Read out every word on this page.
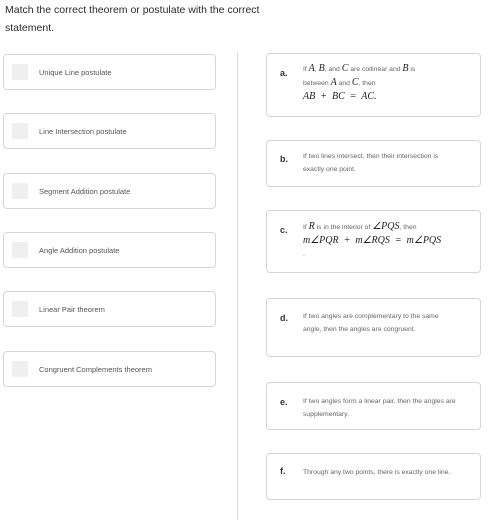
Match the correct theorem or postulate with the correct statement.
Unique Line postulate
Line Intersection postulate
Segment Addition postulate
Angle Addition postulate
Linear Pair theorem
Congruent Complements theorem
a. If A, B, and C are collinear and B is
between A and C, then
AB  +  BC  =  AC.
b. If two lines intersect, then their intersection is exactly one point.
c. If R is in the interior of ∠PQS, then
m∠PQR  +  m∠RQS  =  m∠PQS
.
d. If two angles are complementary to the same angle, then the angles are congruent.
e. If two angles form a linear pair, then the angles are supplementary.
f.	Through any two points, there is exactly one line.
